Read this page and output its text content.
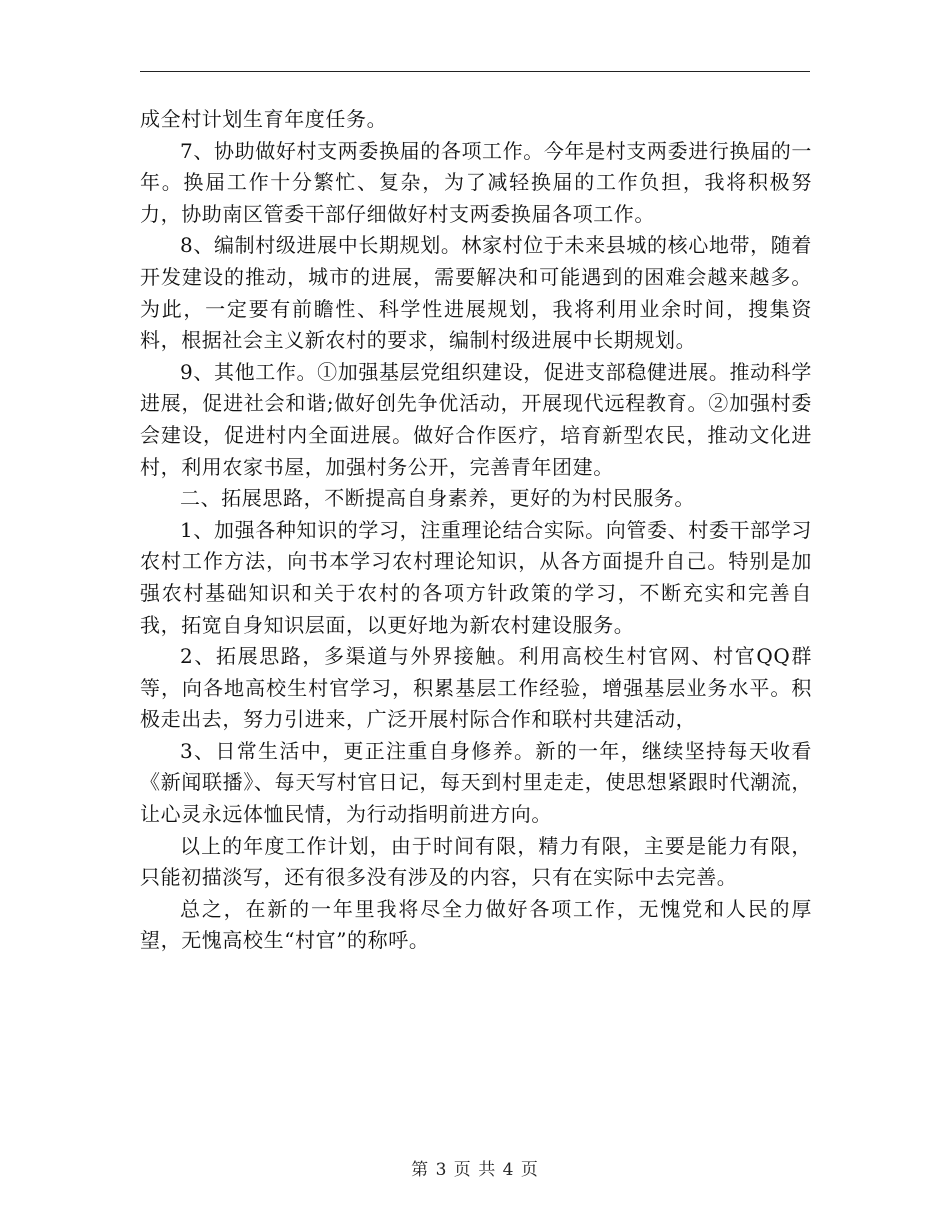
成全村计划生育年度任务。

7、协助做好村支两委换届的各项工作。今年是村支两委进行换届的一年。换届工作十分繁忙、复杂，为了减轻换届的工作负担，我将积极努力，协助南区管委干部仔细做好村支两委换届各项工作。

8、编制村级进展中长期规划。林家村位于未来县城的核心地带，随着开发建设的推动，城市的进展，需要解决和可能遇到的困难会越来越多。为此，一定要有前瞻性、科学性进展规划，我将利用业余时间，搜集资料，根据社会主义新农村的要求，编制村级进展中长期规划。

9、其他工作。①加强基层党组织建设，促进支部稳健进展。推动科学进展，促进社会和谐;做好创先争优活动，开展现代远程教育。②加强村委会建设，促进村内全面进展。做好合作医疗，培育新型农民，推动文化进村，利用农家书屋，加强村务公开，完善青年团建。

二、拓展思路，不断提高自身素养，更好的为村民服务。

1、加强各种知识的学习，注重理论结合实际。向管委、村委干部学习农村工作方法，向书本学习农村理论知识，从各方面提升自己。特别是加强农村基础知识和关于农村的各项方针政策的学习，不断充实和完善自我，拓宽自身知识层面，以更好地为新农村建设服务。

2、拓展思路，多渠道与外界接触。利用高校生村官网、村官QQ群等，向各地高校生村官学习，积累基层工作经验，增强基层业务水平。积极走出去，努力引进来，广泛开展村际合作和联村共建活动，

3、日常生活中，更正注重自身修养。新的一年，继续坚持每天收看《新闻联播》、每天写村官日记，每天到村里走走，使思想紧跟时代潮流，让心灵永远体恤民情，为行动指明前进方向。

以上的年度工作计划，由于时间有限，精力有限，主要是能力有限，只能初描淡写，还有很多没有涉及的内容，只有在实际中去完善。

总之，在新的一年里我将尽全力做好各项工作，无愧党和人民的厚望，无愧高校生“村官”的称呼。

第 3 页 共 4 页
